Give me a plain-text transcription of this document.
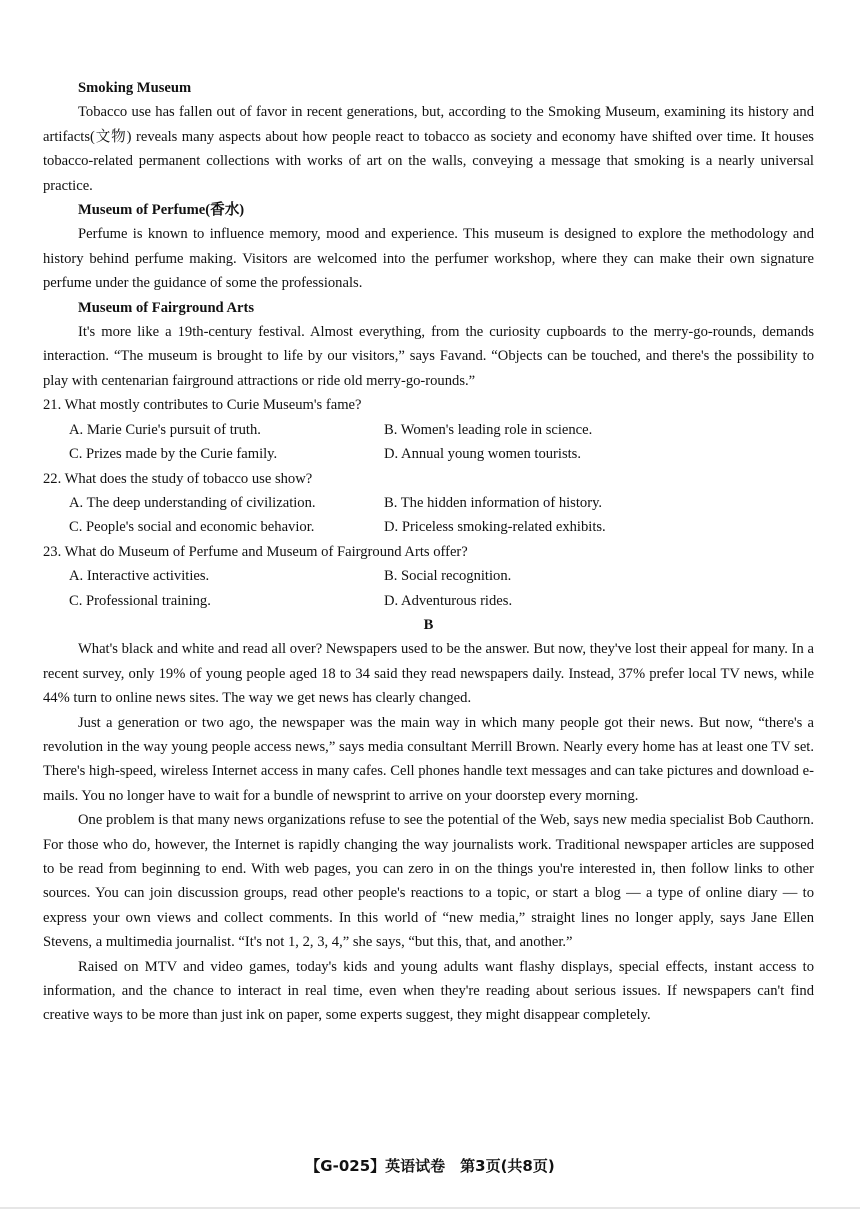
Smoking Museum

Tobacco use has fallen out of favor in recent generations, but, according to the Smoking Museum, examining its history and artifacts(文物) reveals many aspects about how people react to tobacco as society and economy have shifted over time. It houses tobacco-related permanent collections with works of art on the walls, conveying a message that smoking is a nearly universal practice.

Museum of Perfume(香水)

Perfume is known to influence memory, mood and experience. This museum is designed to explore the methodology and history behind perfume making. Visitors are welcomed into the perfumer workshop, where they can make their own signature perfume under the guidance of some the professionals.

Museum of Fairground Arts

It's more like a 19th-century festival. Almost everything, from the curiosity cupboards to the merry-go-rounds, demands interaction. “The museum is brought to life by our visitors,” says Favand. “Objects can be touched, and there's the possibility to play with centenarian fairground attractions or ride old merry-go-rounds.”

21. What mostly contributes to Curie Museum's fame?

A. Marie Curie's pursuit of truth.	B. Women's leading role in science.

C. Prizes made by the Curie family.	D. Annual young women tourists.

22. What does the study of tobacco use show?

A. The deep understanding of civilization.	B. The hidden information of history.

C. People's social and economic behavior.	D. Priceless smoking-related exhibits.

23. What do Museum of Perfume and Museum of Fairground Arts offer?

A. Interactive activities.	B. Social recognition.

C. Professional training.	D. Adventurous rides.

B

What's black and white and read all over? Newspapers used to be the answer. But now, they've lost their appeal for many. In a recent survey, only 19% of young people aged 18 to 34 said they read newspapers daily. Instead, 37% prefer local TV news, while 44% turn to online news sites. The way we get news has clearly changed.

Just a generation or two ago, the newspaper was the main way in which many people got their news. But now, “there's a revolution in the way young people access news,” says media consultant Merrill Brown. Nearly every home has at least one TV set. There's high-speed, wireless Internet access in many cafes. Cell phones handle text messages and can take pictures and download e-mails. You no longer have to wait for a bundle of newsprint to arrive on your doorstep every morning.

One problem is that many news organizations refuse to see the potential of the Web, says new media specialist Bob Cauthorn. For those who do, however, the Internet is rapidly changing the way journalists work. Traditional newspaper articles are supposed to be read from beginning to end. With web pages, you can zero in on the things you're interested in, then follow links to other sources. You can join discussion groups, read other people's reactions to a topic, or start a blog — a type of online diary — to express your own views and collect comments. In this world of “new media,” straight lines no longer apply, says Jane Ellen Stevens, a multimedia journalist. “It's not 1, 2, 3, 4,” she says, “but this, that, and another.”

Raised on MTV and video games, today's kids and young adults want flashy displays, special effects, instant access to information, and the chance to interact in real time, even when they're reading about serious issues. If newspapers can't find creative ways to be more than just ink on paper, some experts suggest, they might disappear completely.

【G-025】英语试卷　第3页(共8页)
